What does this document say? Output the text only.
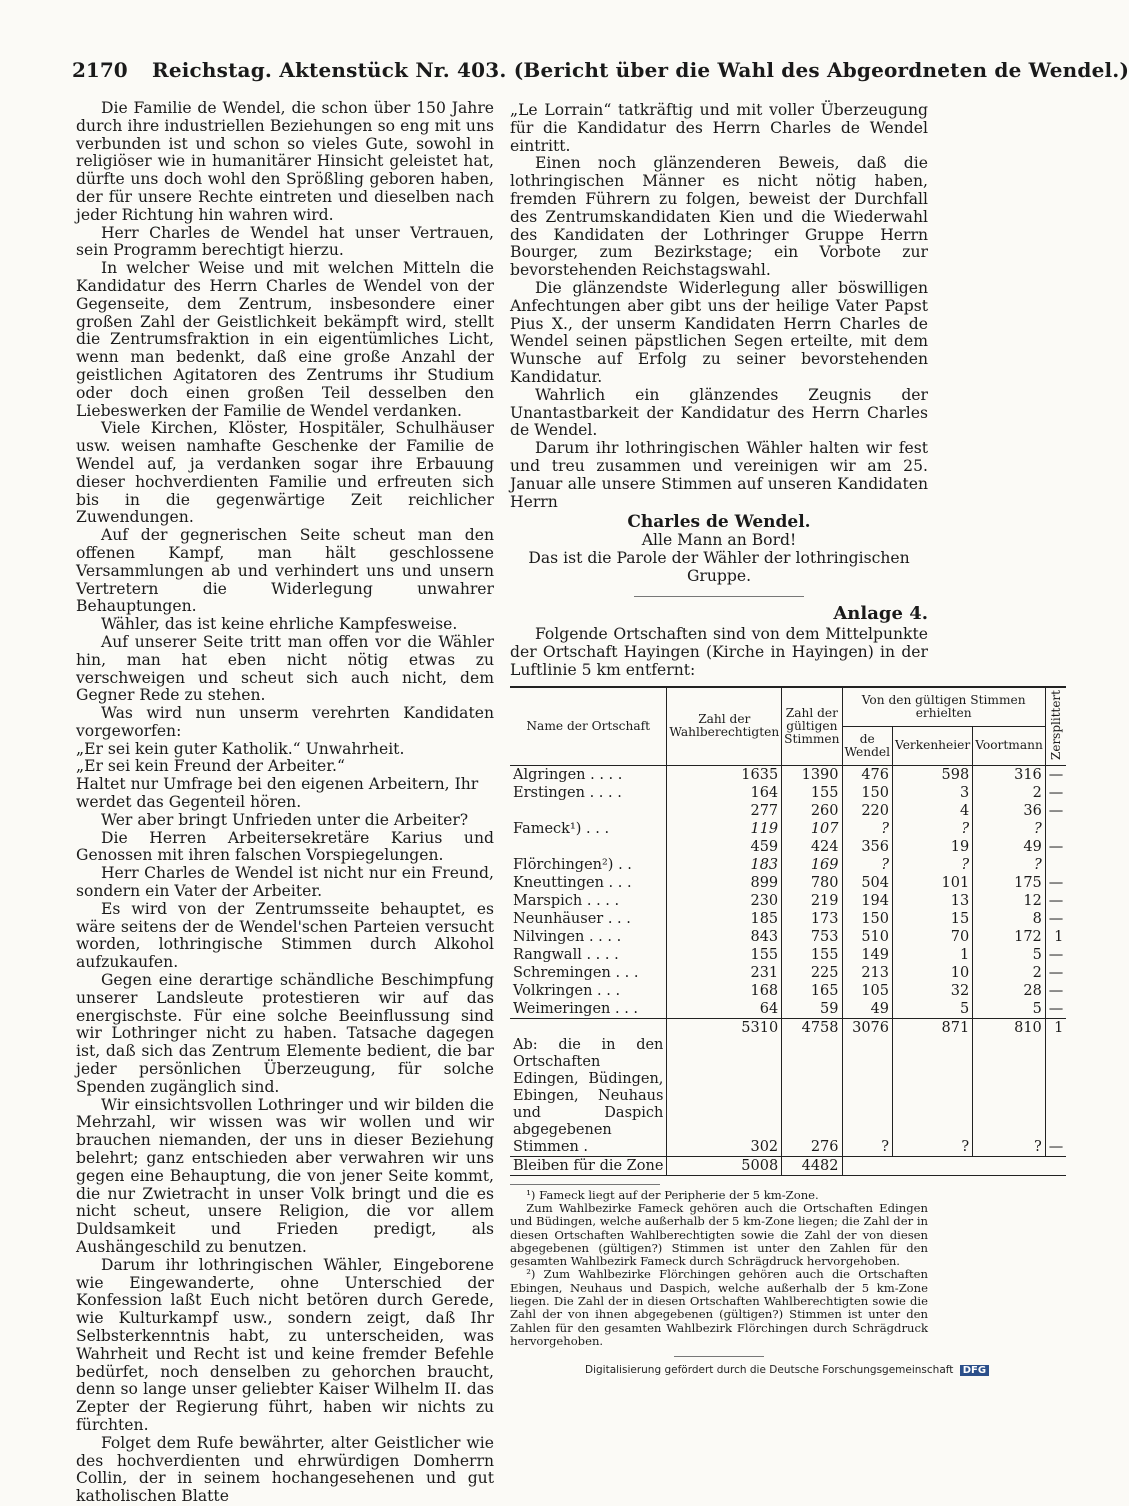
2170 Reichstag. Aktenstück Nr. 403. (Bericht über die Wahl des Abgeordneten de Wendel.)

Die Familie de Wendel, die schon über 150 Jahre durch ihre industriellen Beziehungen so eng mit uns verbunden ist und schon so vieles Gute, sowohl in religiöser wie in humanitärer Hinsicht geleistet hat, dürfte uns doch wohl den Sprößling geboren haben, der für unsere Rechte eintreten und dieselben nach jeder Richtung hin wahren wird.

Herr Charles de Wendel hat unser Vertrauen, sein Programm berechtigt hierzu.

In welcher Weise und mit welchen Mitteln die Kandidatur des Herrn Charles de Wendel von der Gegenseite, dem Zentrum, insbesondere einer großen Zahl der Geistlichkeit bekämpft wird, stellt die Zentrumsfraktion in ein eigentümliches Licht, wenn man bedenkt, daß eine große Anzahl der geistlichen Agitatoren des Zentrums ihr Studium oder doch einen großen Teil desselben den Liebeswerken der Familie de Wendel verdanken.

Viele Kirchen, Klöster, Hospitäler, Schulhäuser usw. weisen namhafte Geschenke der Familie de Wendel auf, ja verdanken sogar ihre Erbauung dieser hochverdienten Familie und erfreuten sich bis in die gegenwärtige Zeit reichlicher Zuwendungen.

Auf der gegnerischen Seite scheut man den offenen Kampf, man hält geschlossene Versammlungen ab und verhindert uns und unsern Vertretern die Widerlegung unwahrer Behauptungen.

Wähler, das ist keine ehrliche Kampfesweise.

Auf unserer Seite tritt man offen vor die Wähler hin, man hat eben nicht nötig etwas zu verschweigen und scheut sich auch nicht, dem Gegner Rede zu stehen.

Was wird nun unserm verehrten Kandidaten vorgeworfen:

„Er sei kein guter Katholik.“ Unwahrheit.

„Er sei kein Freund der Arbeiter.“

Haltet nur Umfrage bei den eigenen Arbeitern, Ihr

werdet das Gegenteil hören.

Wer aber bringt Unfrieden unter die Arbeiter?

Die Herren Arbeitersekretäre Karius und Genossen mit ihren falschen Vorspiegelungen.

Herr Charles de Wendel ist nicht nur ein Freund, sondern ein Vater der Arbeiter.

Es wird von der Zentrumsseite behauptet, es wäre seitens der de Wendel'schen Parteien versucht worden, lothringische Stimmen durch Alkohol aufzukaufen.

Gegen eine derartige schändliche Beschimpfung unserer Landsleute protestieren wir auf das energischste. Für eine solche Beeinflussung sind wir Lothringer nicht zu haben. Tatsache dagegen ist, daß sich das Zentrum Elemente bedient, die bar jeder persönlichen Überzeugung, für solche Spenden zugänglich sind.

Wir einsichtsvollen Lothringer und wir bilden die Mehrzahl, wir wissen was wir wollen und wir brauchen niemanden, der uns in dieser Beziehung belehrt; ganz entschieden aber verwahren wir uns gegen eine Behauptung, die von jener Seite kommt, die nur Zwietracht in unser Volk bringt und die es nicht scheut, unsere Religion, die vor allem Duldsamkeit und Frieden predigt, als Aushängeschild zu benutzen.

Darum ihr lothringischen Wähler, Eingeborene wie Eingewanderte, ohne Unterschied der Konfession laßt Euch nicht betören durch Gerede, wie Kulturkampf usw., sondern zeigt, daß Ihr Selbsterkenntnis habt, zu unterscheiden, was Wahrheit und Recht ist und keine fremder Befehle bedürfet, noch denselben zu gehorchen braucht, denn so lange unser geliebter Kaiser Wilhelm II. das Zepter der Regierung führt, haben wir nichts zu fürchten.

Folget dem Rufe bewährter, alter Geistlicher wie des hochverdienten und ehrwürdigen Domherrn Collin, der in seinem hochangesehenen und gut katholischen Blatte

„Le Lorrain“ tatkräftig und mit voller Überzeugung für die Kandidatur des Herrn Charles de Wendel eintritt.

Einen noch glänzenderen Beweis, daß die lothringischen Männer es nicht nötig haben, fremden Führern zu folgen, beweist der Durchfall des Zentrumskandidaten Kien und die Wiederwahl des Kandidaten der Lothringer Gruppe Herrn Bourger, zum Bezirkstage; ein Vorbote zur bevorstehenden Reichstagswahl.

Die glänzendste Widerlegung aller böswilligen Anfechtungen aber gibt uns der heilige Vater Papst Pius X., der unserm Kandidaten Herrn Charles de Wendel seinen päpstlichen Segen erteilte, mit dem Wunsche auf Erfolg zu seiner bevorstehenden Kandidatur.

Wahrlich ein glänzendes Zeugnis der Unantastbarkeit der Kandidatur des Herrn Charles de Wendel.

Darum ihr lothringischen Wähler halten wir fest und treu zusammen und vereinigen wir am 25. Januar alle unsere Stimmen auf unseren Kandidaten Herrn

Charles de Wendel.

Alle Mann an Bord!

Das ist die Parole der Wähler der lothringischen Gruppe.

Anlage 4.

Folgende Ortschaften sind von dem Mittelpunkte der Ortschaft Hayingen (Kirche in Hayingen) in der Luftlinie 5 km entfernt:

Name der Ortschaft	Zahl der Wahlberechtigten	Zahl der gültigen Stimmen	Von den gültigen Stimmen erhielten			Zersplittert
			de Wendel	Verkenheier	Voortmann	
Algringen . . . .	1635	1390	476	598	316	—
Erstingen . . . .	164	155	150	3	2	—
	277	260	220	4	36	—
Fameck¹) . . .	119	107	?	?	?	
	459	424	356	19	49	—
Flörchingen²) . .	183	169	?	?	?	
Kneuttingen . . .	899	780	504	101	175	—
Marspich . . . .	230	219	194	13	12	—
Neunhäuser . . .	185	173	150	15	8	—
Nilvingen . . . .	843	753	510	70	172	1
Rangwall . . . .	155	155	149	1	5	—
Schremingen . . .	231	225	213	10	2	—
Volkringen . . .	168	165	105	32	28	—
Weimeringen . . .	64	59	49	5	5	—
	5310	4758	3076	871	810	1
Ab: die in den Ortschaften Edingen, Büdingen, Ebingen, Neuhaus und Daspich abgegebenen Stimmen .	302	276	?	?	?	—
Bleiben für die Zone	5008	4482				

¹) Fameck liegt auf der Peripherie der 5 km-Zone.

Zum Wahlbezirke Fameck gehören auch die Ortschaften Edingen und Büdingen, welche außerhalb der 5 km-Zone liegen; die Zahl der in diesen Ortschaften Wahlberechtigten sowie die Zahl der von diesen abgegebenen (gültigen?) Stimmen ist unter den Zahlen für den gesamten Wahlbezirk Fameck durch Schrägdruck hervorgehoben.

²) Zum Wahlbezirke Flörchingen gehören auch die Ortschaften Ebingen, Neuhaus und Daspich, welche außerhalb der 5 km-Zone liegen. Die Zahl der in diesen Ortschaften Wahlberechtigten sowie die Zahl der von ihnen abgegebenen (gültigen?) Stimmen ist unter den Zahlen für den gesamten Wahlbezirk Flörchingen durch Schrägdruck hervorgehoben.

Digitalisierung gefördert durch die Deutsche Forschungsgemeinschaft DFG
